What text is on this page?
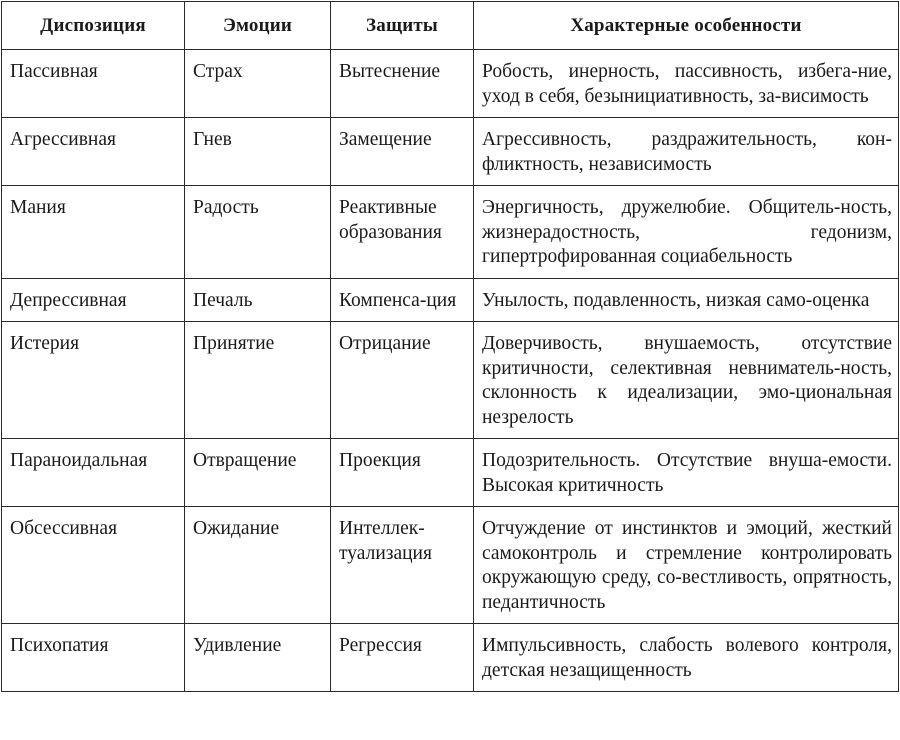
Диспозиция	Эмоции	Защиты	Характерные особенности

Пассивная	Страх	Вытеснение	Робость, инерность, пассивность, избега-ние, уход в себя, безынициативность, за-висимость

Агрессивная	Гнев	Замещение	Агрессивность, раздражительность, кон-фликтность, независимость

Мания	Радость	Реактивные образования	Энергичность, дружелюбие. Общитель-ность, жизнерадостность, гедонизм, гипертрофированная социабельность

Депрессивная	Печаль	Компенса-ция	Унылость, подавленность, низкая само-оценка

Истерия	Принятие	Отрицание	Доверчивость, внушаемость, отсутствие критичности, селективная невниматель-ность, склонность к идеализации, эмо-циональная незрелость

Параноидальная	Отвращение	Проекция	Подозрительность. Отсутствие внуша-емости. Высокая критичность

Обсессивная	Ожидание	Интеллек-туализация	Отчуждение от инстинктов и эмоций, жесткий самоконтроль и стремление контролировать окружающую среду, со-вестливость, опрятность, педантичность

Психопатия	Удивление	Регрессия	Импульсивность, слабость волевого контроля, детская незащищенность
